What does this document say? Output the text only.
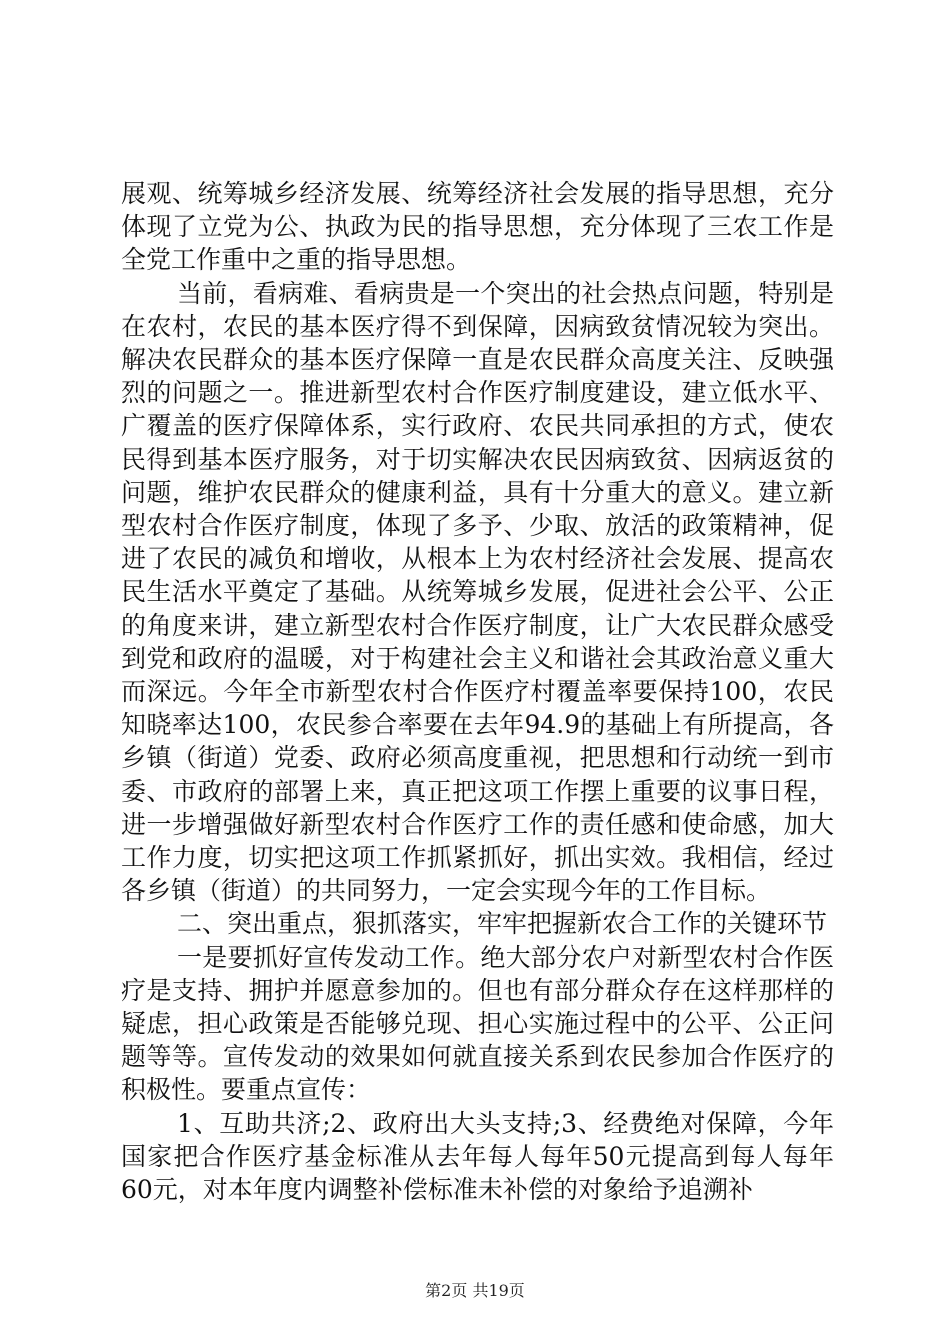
展观、统筹城乡经济发展、统筹经济社会发展的指导思想，充分体现了立党为公、执政为民的指导思想，充分体现了三农工作是全党工作重中之重的指导思想。

当前，看病难、看病贵是一个突出的社会热点问题，特别是在农村，农民的基本医疗得不到保障，因病致贫情况较为突出。解决农民群众的基本医疗保障一直是农民群众高度关注、反映强烈的问题之一。推进新型农村合作医疗制度建设，建立低水平、广覆盖的医疗保障体系，实行政府、农民共同承担的方式，使农民得到基本医疗服务，对于切实解决农民因病致贫、因病返贫的问题，维护农民群众的健康利益，具有十分重大的意义。建立新型农村合作医疗制度，体现了多予、少取、放活的政策精神，促进了农民的减负和增收，从根本上为农村经济社会发展、提高农民生活水平奠定了基础。从统筹城乡发展，促进社会公平、公正的角度来讲，建立新型农村合作医疗制度，让广大农民群众感受到党和政府的温暖，对于构建社会主义和谐社会其政治意义重大而深远。今年全市新型农村合作医疗村覆盖率要保持100，农民知晓率达100，农民参合率要在去年94.9的基础上有所提高，各乡镇（街道）党委、政府必须高度重视，把思想和行动统一到市委、市政府的部署上来，真正把这项工作摆上重要的议事日程，进一步增强做好新型农村合作医疗工作的责任感和使命感，加大工作力度，切实把这项工作抓紧抓好，抓出实效。我相信，经过各乡镇（街道）的共同努力，一定会实现今年的工作目标。

二、突出重点，狠抓落实，牢牢把握新农合工作的关键环节

一是要抓好宣传发动工作。绝大部分农户对新型农村合作医疗是支持、拥护并愿意参加的。但也有部分群众存在这样那样的疑虑，担心政策是否能够兑现、担心实施过程中的公平、公正问题等等。宣传发动的效果如何就直接关系到农民参加合作医疗的积极性。要重点宣传：

1、互助共济;2、政府出大头支持;3、经费绝对保障，今年国家把合作医疗基金标准从去年每人每年50元提高到每人每年60元，对本年度内调整补偿标准未补偿的对象给予追溯补

第2页 共19页
